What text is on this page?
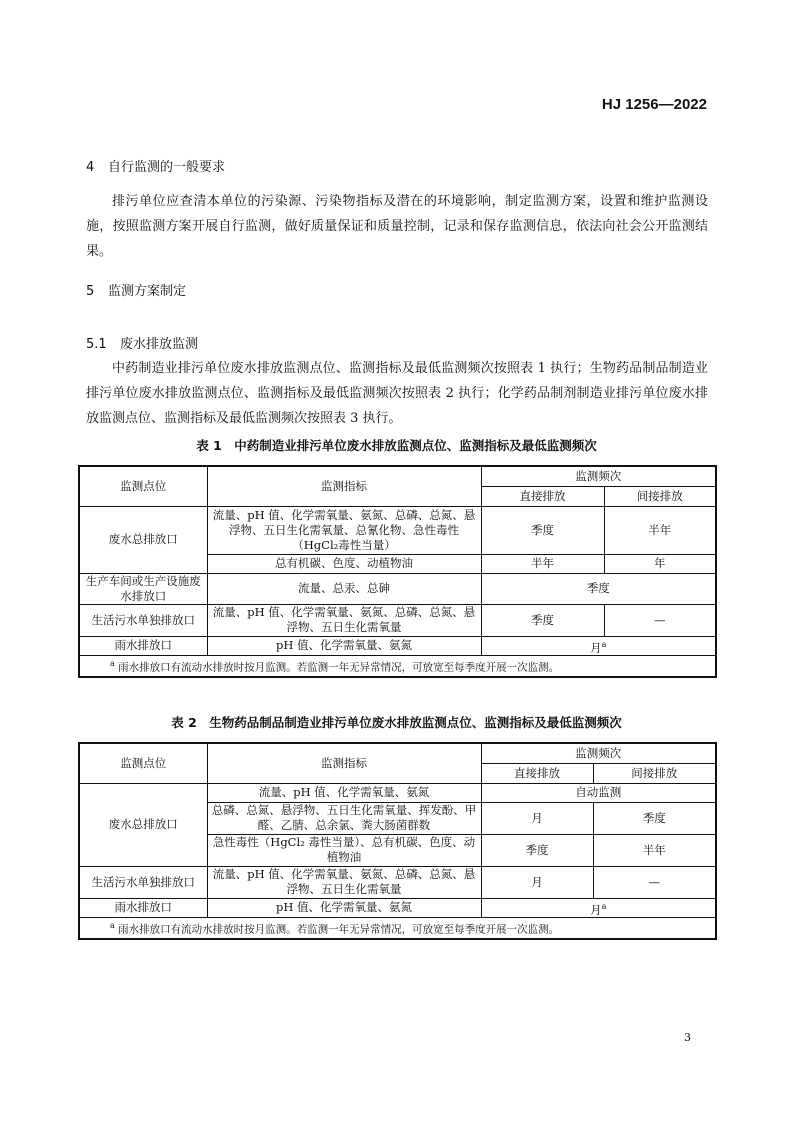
HJ 1256—2022
4 自行监测的一般要求

排污单位应查清本单位的污染源、污染物指标及潜在的环境影响，制定监测方案，设置和维护监测设施，按照监测方案开展自行监测，做好质量保证和质量控制，记录和保存监测信息，依法向社会公开监测结果。

5 监测方案制定
5.1 废水排放监测

中药制造业排污单位废水排放监测点位、监测指标及最低监测频次按照表 1 执行；生物药品制品制造业排污单位废水排放监测点位、监测指标及最低监测频次按照表 2 执行；化学药品制剂制造业排污单位废水排放监测点位、监测指标及最低监测频次按照表 3 执行。

表 1　中药制造业排污单位废水排放监测点位、监测指标及最低监测频次
监测点位	监测指标	监测频次	
		直接排放	间接排放
废水总排放口	流量、pH 值、化学需氧量、氨氮、总磷、总氮、悬浮物、五日生化需氧量、总氰化物、急性毒性（HgCl₂毒性当量）	季度	半年
	总有机碳、色度、动植物油	半年	年
生产车间或生产设施废水排放口	流量、总汞、总砷	季度	
生活污水单独排放口	流量、pH 值、化学需氧量、氨氮、总磷、总氮、悬浮物、五日生化需氧量	季度	—
雨水排放口	pH 值、化学需氧量、氨氮	月$^a$
$^a$ 雨水排放口有流动水排放时按月监测。若监测一年无异常情况，可放宽至每季度开展一次监测。			
表 2　生物药品制品制造业排污单位废水排放监测点位、监测指标及最低监测频次
监测点位	监测指标	监测频次	
		直接排放	间接排放
废水总排放口	流量、pH 值、化学需氧量、氨氮	自动监测	
	总磷、总氮、悬浮物、五日生化需氧量、挥发酚、甲醛、乙腈、总余氯、粪大肠菌群数	月	季度
	急性毒性（HgCl₂ 毒性当量）、总有机碳、色度、动植物油	季度	半年
生活污水单独排放口	流量、pH 值、化学需氧量、氨氮、总磷、总氮、悬浮物、五日生化需氧量	月	—
雨水排放口	pH 值、化学需氧量、氨氮	月$^a$
$^a$ 雨水排放口有流动水排放时按月监测。若监测一年无异常情况，可放宽至每季度开展一次监测。			
3
